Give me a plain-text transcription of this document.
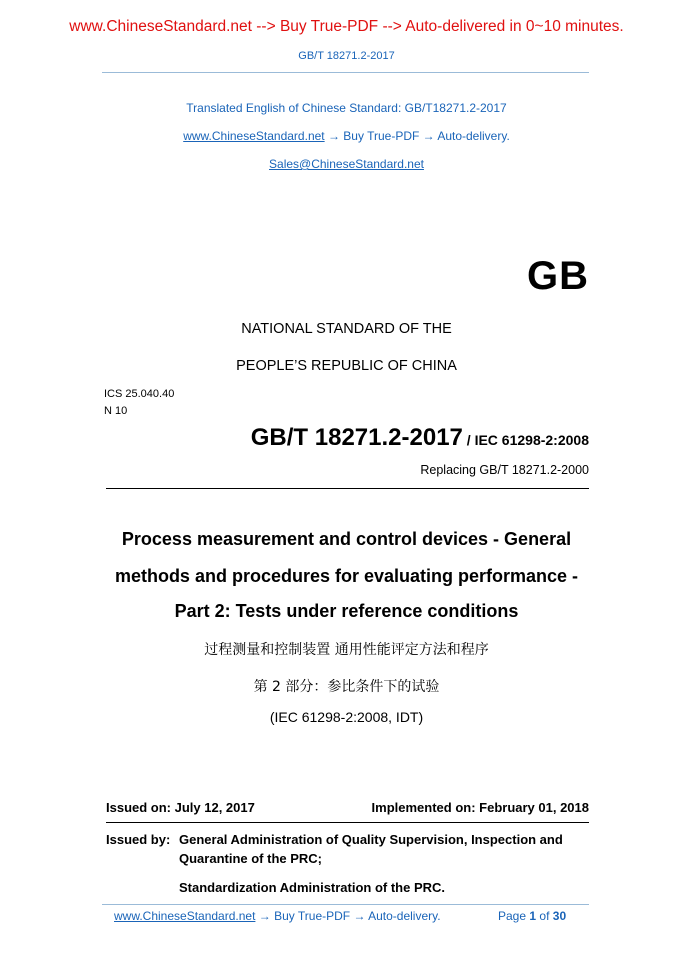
www.ChineseStandard.net --> Buy True-PDF --> Auto-delivered in 0~10 minutes.
GB/T 18271.2-2017
Translated English of Chinese Standard: GB/T18271.2-2017
www.ChineseStandard.net → Buy True-PDF → Auto-delivery.
Sales@ChineseStandard.net
GB
NATIONAL STANDARD OF THE
PEOPLE’S REPUBLIC OF CHINA
ICS 25.040.40
N 10
GB/T 18271.2-2017 / IEC 61298-2:2008
Replacing GB/T 18271.2-2000
Process measurement and control devices - General
methods and procedures for evaluating performance -
Part 2: Tests under reference conditions
过程测量和控制装置 通用性能评定方法和程序
第 2 部分：参比条件下的试验
(IEC 61298-2:2008, IDT)
Issued on: July 12, 2017	Implemented on: February 01, 2018
Issued by: General Administration of Quality Supervision, Inspection and
Quarantine of the PRC;
Standardization Administration of the PRC.
www.ChineseStandard.net → Buy True-PDF → Auto-delivery.	Page 1 of 30
